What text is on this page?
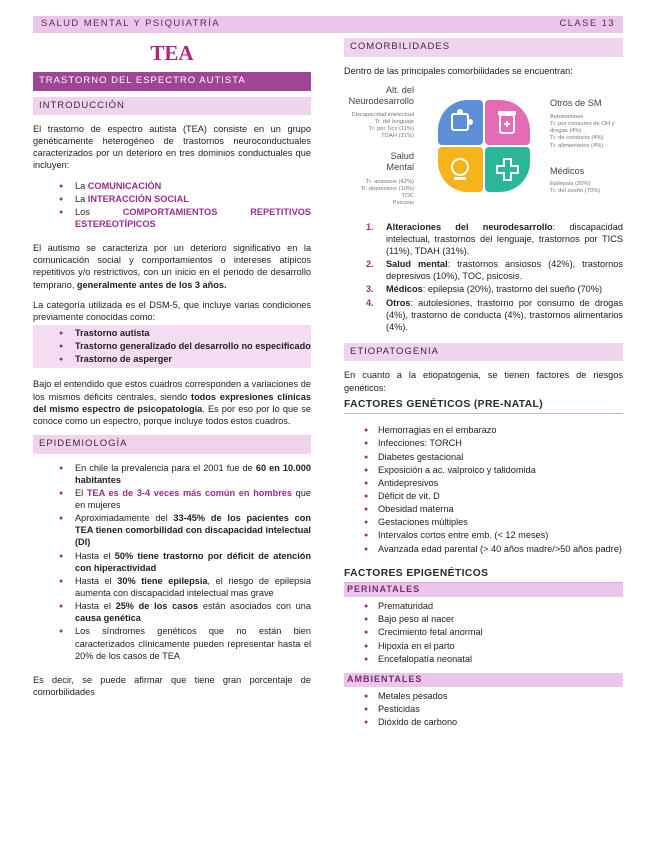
SALUD MENTAL Y PSIQUIATRÍA	CLASE 13
TEA
TRASTORNO DEL ESPECTRO AUTISTA
INTRODUCCIÓN

El trastorno de espectro autista (TEA) consiste en un grupo genéticamente heterogéneo de trastornos neuroconductuales caracterizados por un deterioro en tres dominios conductuales que incluyen:

● La COMUNICACIÓN
● La INTERACCIÓN SOCIAL
● Los COMPORTAMIENTOS REPETITIVOS ESTEREOTÍPICOS

El autismo se caracteriza por un deterioro significativo en la comunicación social y comportamientos o intereses atípicos repetitivos y/o restrictivos, con un inicio en el periodo de desarrollo temprano, generalmente antes de los 3 años.

La categoría utilizada es el DSM-5, que incluye varias condiciones previamente conocidas como:

● Trastorno autista
● Trastorno generalizado del desarrollo no especificado
● Trastorno de asperger

Bajo el entendido que estos cuadros corresponden a variaciones de los mismos déficits centrales, siendo todos expresiones clínicas del mismo espectro de psicopatología. Es por eso por lo que se conoce como un espectro, porque incluye todos estos cuadros.

EPIDEMIOLOGÍA
● En chile la prevalencia para el 2001 fue de 60 en 10.000 habitantes
● El TEA es de 3-4 veces más común en hombres que en mujeres
● Aproximadamente del 33-45% de los pacientes con TEA tienen comorbilidad con discapacidad intelectual (DI)
● Hasta el 50% tiene trastorno por déficit de atención con hiperactividad
● Hasta el 30% tiene epilepsia, el riesgo de epilepsia aumenta con discapacidad intelectual mas grave
● Hasta el 25% de los casos están asociados con una causa genética
● Los síndromes genéticos que no están bien caracterizados clínicamente pueden representar hasta el 20% de los casos de TEA

Es decir, se puede afirmar que tiene gran porcentaje de comorbilidades

COMORBILIDADES

Dentro de las principales comorbilidades se encuentran:

Alt. del Neurodesarrollo
Discapacidad intelectual
Tr. del lenguaje
Tr. por Tics (11%)
TDAH (31%)
Salud Mental
Tr. ansiosos (42%)
Tr. depresivos (10%)
TOC
Psicosis
Otros de SM
Autolesiones
Tr. por consumo de OH y drogas (4%)
Tr. de conducta (4%)
Tr. alimentarios (4%)
Médicos
Epilepsia (20%)
Tr. del sueño (70%)
1. Alteraciones del neurodesarrollo: discapacidad intelectual, trastornos del lenguaje, trastornos por TICS (11%), TDAH (31%).
2. Salud mental: trastornos ansiosos (42%), trastornos depresivos (10%), TOC, psicosis.
3. Médicos: epilepsia (20%), trastorno del sueño (70%)
4. Otros: autolesiones, trastorno por consumo de drogas (4%), trastorno de conducta (4%), trastornos alimentarios (4%).
ETIOPATOGENIA

En cuanto a la etiopatogenia, se tienen factores de riesgos genéticos:

FACTORES GENÉTICOS (PRE-NATAL)
● Hemorragias en el embarazo
● Infecciones: TORCH
● Diabetes gestacional
● Exposición a ac. valproico y talidomida
● Antidepresivos
● Déficit de vit. D
● Obesidad materna
● Gestaciones múltiples
● Intervalos cortos entre emb. (< 12 meses)
● Avanzada edad parental (> 40 años madre/>50 años padre)
FACTORES EPIGENÉTICOS
PERINATALES
● Prematuridad
● Bajo peso al nacer
● Crecimiento fetal anormal
● Hipoxia en el parto
● Encefalopatía neonatal
AMBIENTALES
● Metales pesados
● Pesticidas
● Dióxido de carbono
